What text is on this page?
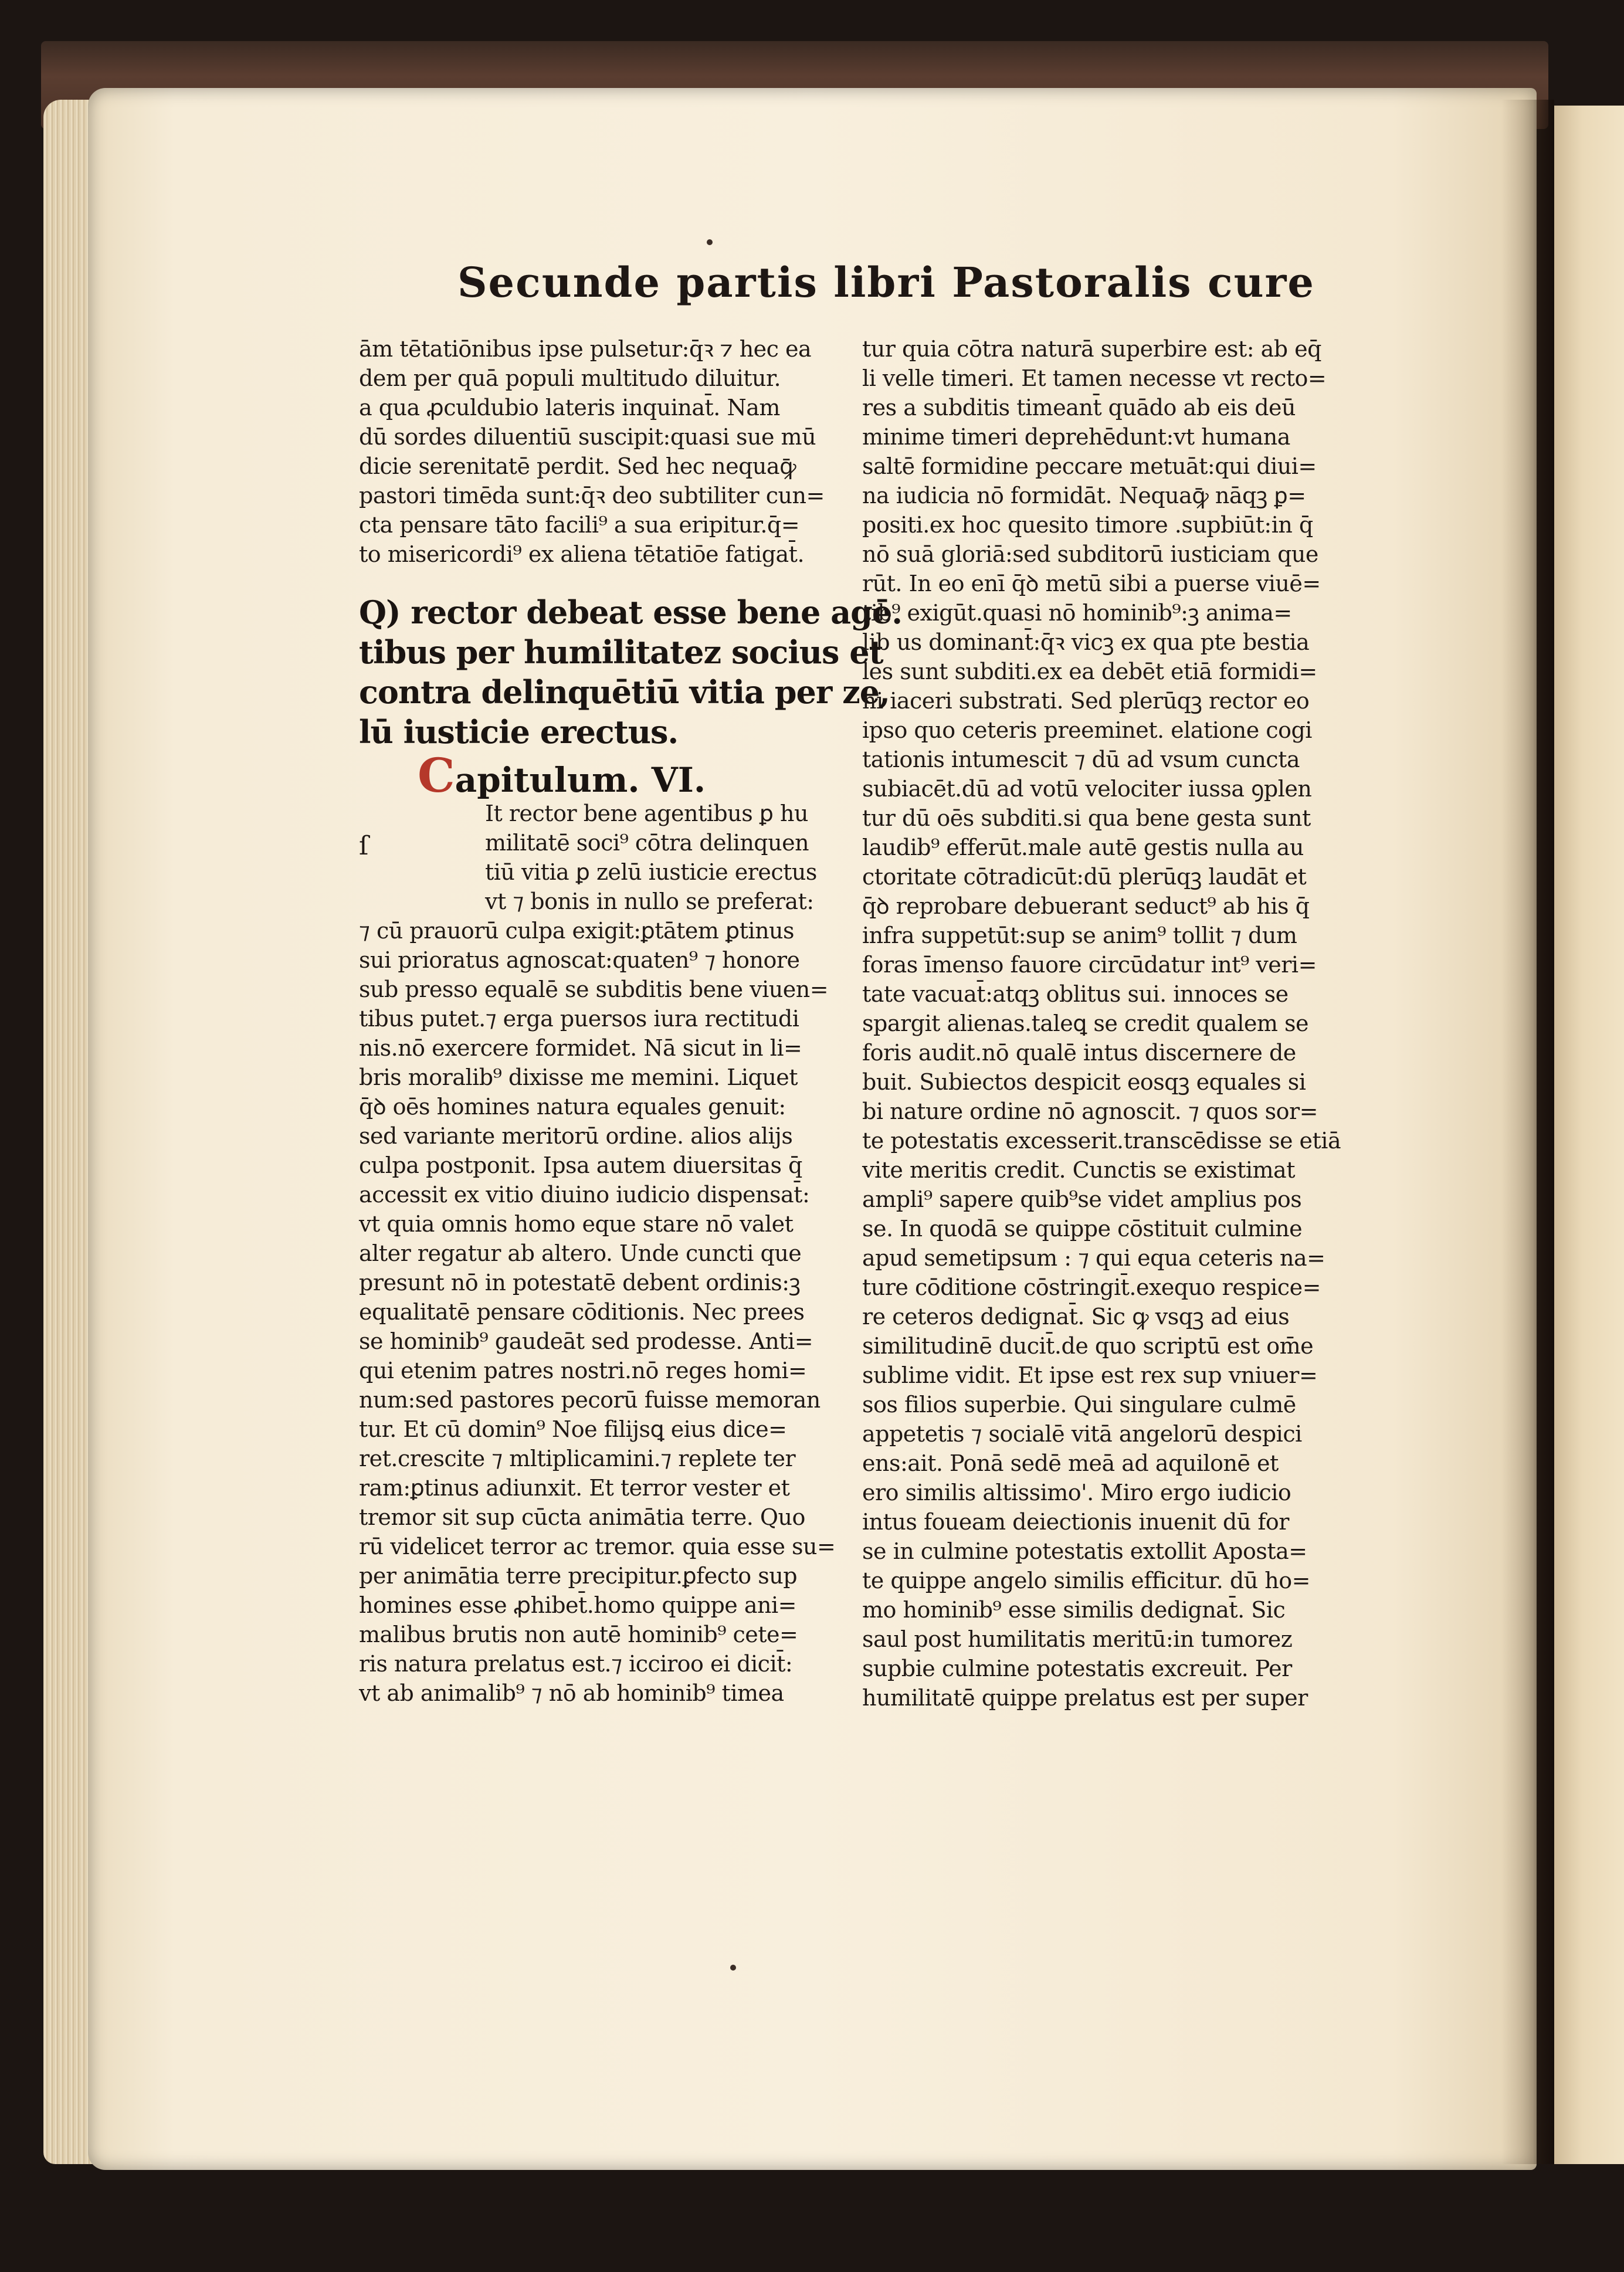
Secunde partis libri Pastoralis cure
ām tētatiōnibus ipse pulsetur:q̄ꝛ ⁊ hec ea
dem per quā populi multitudo diluitur.
a qua ꝓculdubio lateris inquinat̄. Nam
dū sordes diluentiū suscipit:quasi sue mū
dicie serenitatē perdit. Sed hec nequaꝙ̄
pastori timēda sunt:q̄ꝛ deo subtiliter cun=
cta pensare tāto facili⁹ a sua eripitur.q̄=
to misericordi⁹ ex aliena tētatiōe fatigat̄.
Q) rector debeat esse bene agē.
tibus per humilitatez socius et
contra delinquētiū vitia per ze,
lū iusticie erectus.
Capitulum. VI.
ſ
It rector bene agentibus ꝑ hu
militatē soci⁹ cōtra delinquen
tiū vitia ꝑ zelū iusticie erectus
vt ⁊ bonis in nullo se preferat:
⁊ cū prauorū culpa exigit:ꝑtātem ꝑtinus
sui prioratus agnoscat:quaten⁹ ⁊ honore
sub presso equalē se subditis bene viuen=
tibus putet.⁊ erga puersos iura rectitudi
nis.nō exercere formidet. Nā sicut in li=
bris moralib⁹ dixisse me memini. Liquet
q̄ꝺ oēs homines natura equales genuit:
sed variante meritorū ordine. alios alijs
culpa postponit. Ipsa autem diuersitas q̄
accessit ex vitio diuino iudicio dispensat̄:
vt quia omnis homo eque stare nō valet
alter regatur ab altero. Unde cuncti que
presunt nō in potestatē debent ordinis:ꝫ
equalitatē pensare cōditionis. Nec prees
se hominib⁹ gaudeāt sed prodesse. Anti=
qui etenim patres nostri.nō reges homi=
num:sed pastores pecorū fuisse memoran
tur. Et cū domin⁹ Noe filijsꝗ eius dice=
ret.crescite ⁊ mltiplicamini.⁊ replete ter
ram:ꝑtinus adiunxit. Et terror vester et
tremor sit sup cūcta animātia terre. Quo
rū videlicet terror ac tremor. quia esse su=
per animātia terre precipitur.ꝑfecto sup
homines esse ꝓhibet̄.homo quippe ani=
malibus brutis non autē hominib⁹ cete=
ris natura prelatus est.⁊ icciroo ei dicit̄:
vt ab animalib⁹ ⁊ nō ab hominib⁹ timea
tur quia cōtra naturā superbire est: ab eq̄
li velle timeri. Et tamen necesse vt recto=
res a subditis timeant̄ quādo ab eis deū
minime timeri deprehēdunt:vt humana
saltē formidine peccare metuāt:qui diui=
na iudicia nō formidāt. Nequaꝙ̄ nāqꝫ ꝑ=
positi.ex hoc quesito timore .supbiūt:in q̄
nō suā gloriā:sed subditorū iusticiam que
rūt. In eo enī q̄ꝺ metū sibi a puerse viuē=
tib⁹ exigūt.quasi nō hominib⁹:ꝫ anima=
lib us dominant̄:q̄ꝛ vicꝫ ex qua pte bestia
les sunt subditi.ex ea debēt etiā formidi=
ni iaceri substrati. Sed plerūqꝫ rector eo
ipso quo ceteris preeminet. elatione cogi
tationis intumescit ⁊ dū ad vsum cuncta
subiacēt.dū ad votū velociter iussa ꝯplen
tur dū oēs subditi.si qua bene gesta sunt
laudib⁹ efferūt.male autē gestis nulla au
ctoritate cōtradicūt:dū plerūqꝫ laudāt et
q̄ꝺ reprobare debuerant seduct⁹ ab his q̄
infra suppetūt:sup se anim⁹ tollit ⁊ dum
foras īmenso fauore circūdatur int⁹ veri=
tate vacuat̄:atqꝫ oblitus sui. innoces se
spargit alienas.taleꝗ se credit qualem se
foris audit.nō qualē intus discernere de
buit. Subiectos despicit eosqꝫ equales si
bi nature ordine nō agnoscit. ⁊ quos sor=
te potestatis excesserit.transcēdisse se etiā
vite meritis credit. Cunctis se existimat
ampli⁹ sapere quib⁹se videt amplius pos
se. In quodā se quippe cōstituit culmine
apud semetipsum : ⁊ qui equa ceteris na=
ture cōditione cōstringit̄.exequo respice=
re ceteros dedignat̄. Sic ꝙ vsqꝫ ad eius
similitudinē ducit̄.de quo scriptū est om̄e
sublime vidit. Et ipse est rex sup vniuer=
sos filios superbie. Qui singulare culmē
appetetis ⁊ socialē vitā angelorū despici
ens:ait. Ponā sedē meā ad aquilonē et
ero similis altissimo'. Miro ergo iudicio
intus foueam deiectionis inuenit dū for
se in culmine potestatis extollit Aposta=
te quippe angelo similis efficitur. dū ho=
mo hominib⁹ esse similis dedignat̄. Sic
saul post humilitatis meritū:in tumorez
supbie culmine potestatis excreuit. Per
humilitatē quippe prelatus est per super
